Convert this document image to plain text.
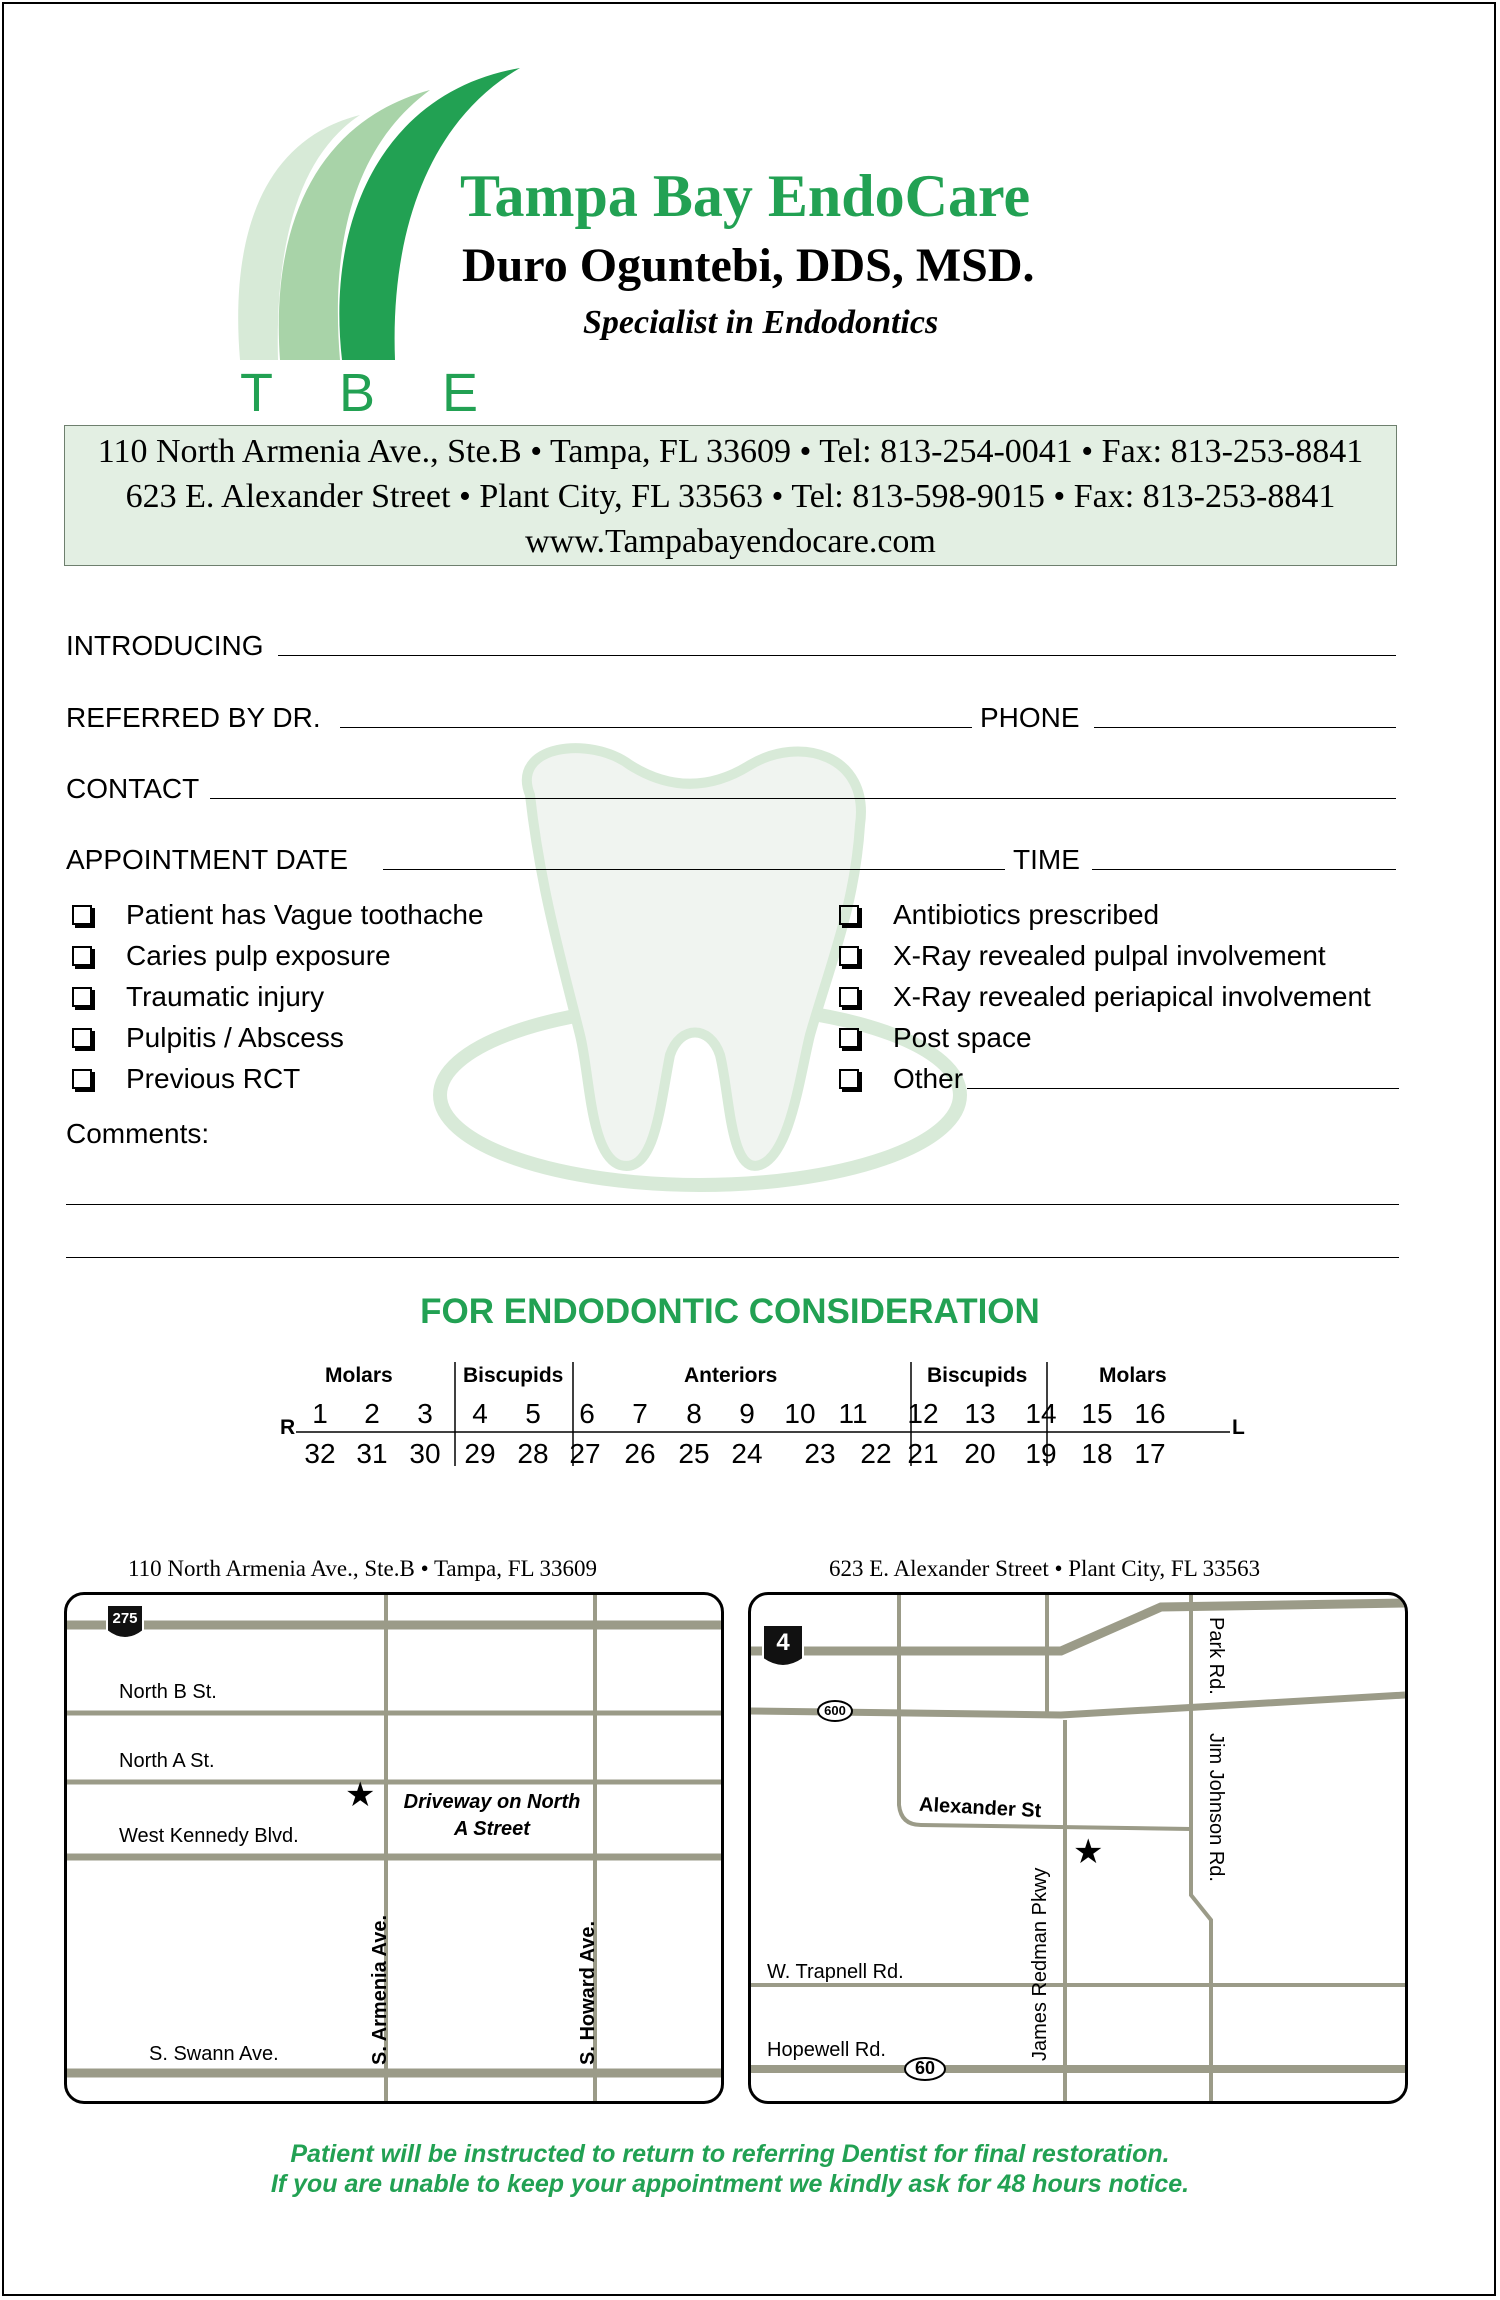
Tampa Bay EndoCare
Duro Oguntebi, DDS, MSD.
Specialist in Endodontics
T B E
110 North Armenia Ave., Ste.B • Tampa, FL 33609 • Tel: 813-254-0041 • Fax: 813-253-8841
623 E. Alexander Street • Plant City, FL 33563 • Tel: 813-598-9015 • Fax: 813-253-8841
www.Tampabayendocare.com
INTRODUCING
REFERRED BY DR.	PHONE
CONTACT
APPOINTMENT DATE	TIME
Patient has Vague toothache
Caries pulp exposure
Traumatic injury
Pulpitis / Abscess
Previous RCT
Antibiotics prescribed
X-Ray revealed pulpal involvement
X-Ray revealed periapical involvement
Post space
Other
Comments:
FOR ENDODONTIC CONSIDERATION
Molars	Biscupids	Anteriors	Biscupids	Molars
R	L
1	2	3	4	5	6	7	8	9	10 11 12 13 14 15 16
32 31 30 29 28 27 26 25 24 23 22 21 20 19 18 17
110 North Armenia Ave., Ste.B • Tampa, FL 33609
275
North B St.
North A St.
West Kennedy Blvd.
S. Swann Ave.	S. Armenia Ave.	S. Howard Ave.
★	Driveway on North
A Street
623 E. Alexander Street • Plant City, FL 33563
4
600
60
Park Rd.
Jim Johnson Rd.
Alexander St
James Redman Pkwy
W. Trapnell Rd.
Hopewell Rd.
★
Patient will be instructed to return to referring Dentist for final restoration.
If you are unable to keep your appointment we kindly ask for 48 hours notice.
